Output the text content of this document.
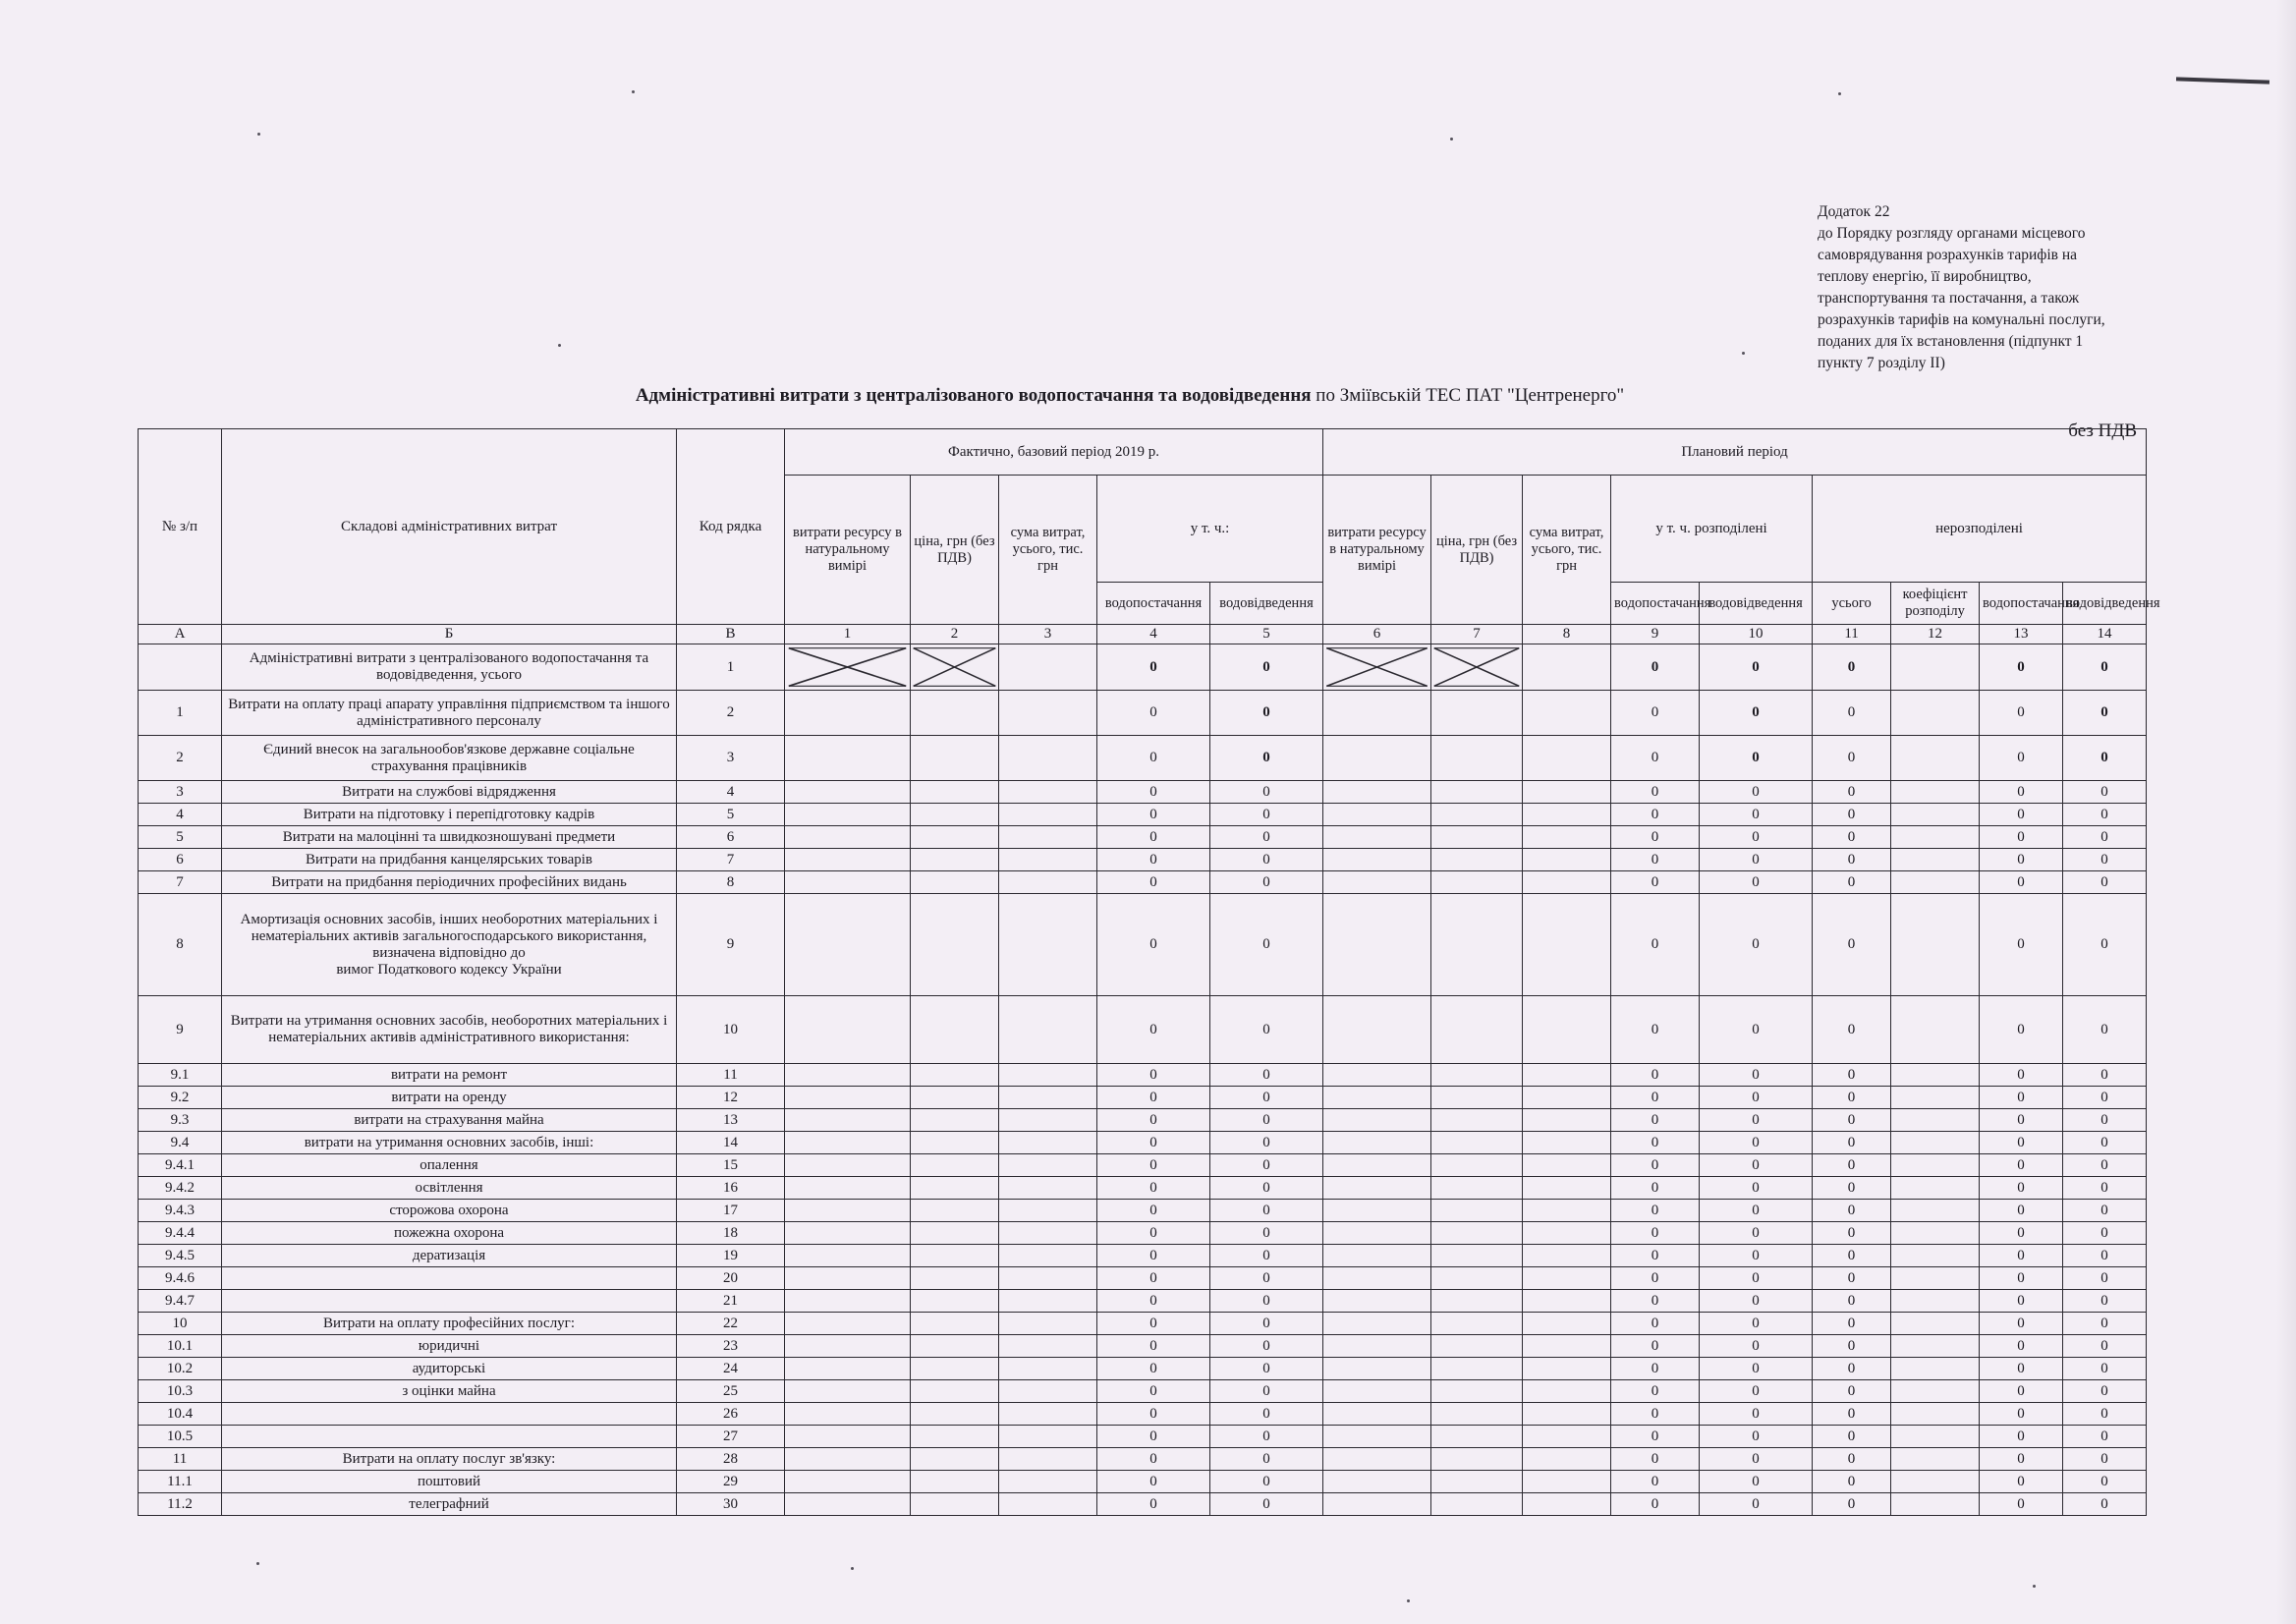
Додаток 22
до Порядку розгляду органами місцевого
самоврядування розрахунків тарифів на
теплову енергію, її виробництво,
транспортування та постачання, а також
розрахунків тарифів на комунальні послуги,
поданих для їх встановлення (підпункт 1
пункту 7 розділу ІІ)
Адміністративні витрати з централізованого водопостачання та водовідведення по Зміївській ТЕС ПАТ "Центренерго"
без ПДВ
№ з/п	Складові адміністративних витрат	Код рядка	Фактично, базовий період 2019 р.					Плановий період								
			витрати ресурсу в натуральному вимірі	ціна, грн (без ПДВ)	сума витрат, усього, тис. грн	у т. ч.:		витрати ресурсу в натуральному вимірі	ціна, грн (без ПДВ)	сума витрат, усього, тис. грн	у т. ч. розподілені		нерозподілені			
						водопостачання	водовідведення				водопостачання	водовідведення	усього	коефіцієнт розподілу	водопостачання	водовідведення
А	Б	В	1	2	3	4	5	6	7	8	9	10	11	12	13	14
	Адміністративні витрати з централізованого водопостачання та водовідведення, усього	1				0	0				0	0	0		0	0
1	Витрати на оплату праці апарату управління підприємством та іншого адміністративного персоналу	2				0	0				0	0	0		0	0
2	Єдиний внесок на загальнообов'язкове державне соціальне страхування працівників	3				0	0				0	0	0		0	0
3	Витрати на службові відрядження	4				0	0				0	0	0		0	0
4	Витрати на підготовку і перепідготовку кадрів	5				0	0				0	0	0		0	0
5	Витрати на малоцінні та швидкозношувані предмети	6				0	0				0	0	0		0	0
6	Витрати на придбання канцелярських товарів	7				0	0				0	0	0		0	0
7	Витрати на придбання періодичних професійних видань	8				0	0				0	0	0		0	0
8	Амортизація основних засобів, інших необоротних матеріальних і нематеріальних активів загальногосподарського використання, визначена відповідно до
вимог Податкового кодексу України	9				0	0				0	0	0		0	0
9	Витрати на утримання основних засобів, необоротних матеріальних і нематеріальних активів адміністративного використання:	10				0	0				0	0	0		0	0
9.1	витрати на ремонт	11				0	0				0	0	0		0	0
9.2	витрати на оренду	12				0	0				0	0	0		0	0
9.3	витрати на страхування майна	13				0	0				0	0	0		0	0
9.4	витрати на утримання основних засобів, інші:	14				0	0				0	0	0		0	0
9.4.1	опалення	15				0	0				0	0	0		0	0
9.4.2	освітлення	16				0	0				0	0	0		0	0
9.4.3	сторожова охорона	17				0	0				0	0	0		0	0
9.4.4	пожежна охорона	18				0	0				0	0	0		0	0
9.4.5	дератизація	19				0	0				0	0	0		0	0
9.4.6		20				0	0				0	0	0		0	0
9.4.7		21				0	0				0	0	0		0	0
10	Витрати на оплату професійних послуг:	22				0	0				0	0	0		0	0
10.1	юридичні	23				0	0				0	0	0		0	0
10.2	аудиторські	24				0	0				0	0	0		0	0
10.3	з оцінки майна	25				0	0				0	0	0		0	0
10.4		26				0	0				0	0	0		0	0
10.5		27				0	0				0	0	0		0	0
11	Витрати на оплату послуг зв'язку:	28				0	0				0	0	0		0	0
11.1	поштовий	29				0	0				0	0	0		0	0
11.2	телеграфний	30				0	0				0	0	0		0	0
